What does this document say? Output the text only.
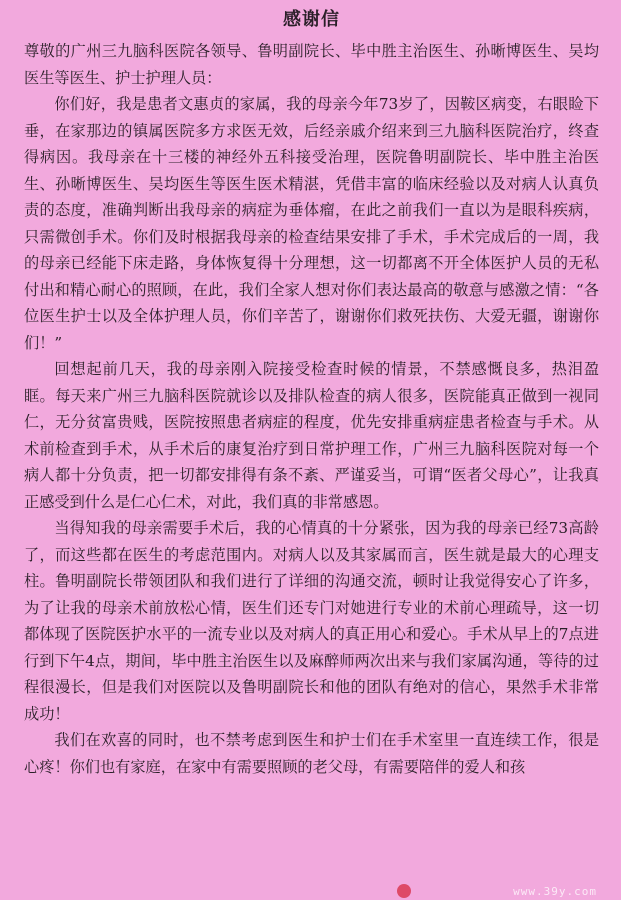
感谢信

尊敬的广州三九脑科医院各领导、鲁明副院长、毕中胜主治医生、孙晰博医生、吴均医生等医生、护士护理人员：

你们好，我是患者文惠贞的家属，我的母亲今年73岁了，因鞍区病变，右眼睑下垂，在家那边的镇属医院多方求医无效，后经亲戚介绍来到三九脑科医院治疗，终查得病因。我母亲在十三楼的神经外五科接受治理，医院鲁明副院长、毕中胜主治医生、孙晰博医生、吴均医生等医生医术精湛，凭借丰富的临床经验以及对病人认真负责的态度，准确判断出我母亲的病症为垂体瘤，在此之前我们一直以为是眼科疾病，只需微创手术。你们及时根据我母亲的检查结果安排了手术，手术完成后的一周，我的母亲已经能下床走路，身体恢复得十分理想，这一切都离不开全体医护人员的无私付出和精心耐心的照顾，在此，我们全家人想对你们表达最高的敬意与感激之情：“各位医生护士以及全体护理人员，你们辛苦了，谢谢你们救死扶伤、大爱无疆，谢谢你们！”

回想起前几天，我的母亲刚入院接受检查时候的情景，不禁感慨良多，热泪盈眶。每天来广州三九脑科医院就诊以及排队检查的病人很多，医院能真正做到一视同仁，无分贫富贵贱，医院按照患者病症的程度，优先安排重病症患者检查与手术。从术前检查到手术，从手术后的康复治疗到日常护理工作，广州三九脑科医院对每一个病人都十分负责，把一切都安排得有条不紊、严谨妥当，可谓“医者父母心”，让我真正感受到什么是仁心仁术，对此，我们真的非常感恩。

当得知我的母亲需要手术后，我的心情真的十分紧张，因为我的母亲已经73高龄了，而这些都在医生的考虑范围内。对病人以及其家属而言，医生就是最大的心理支柱。鲁明副院长带领团队和我们进行了详细的沟通交流，顿时让我觉得安心了许多，为了让我的母亲术前放松心情，医生们还专门对她进行专业的术前心理疏导，这一切都体现了医院医护水平的一流专业以及对病人的真正用心和爱心。手术从早上的7点进行到下午4点，期间，毕中胜主治医生以及麻醉师两次出来与我们家属沟通，等待的过程很漫长，但是我们对医院以及鲁明副院长和他的团队有绝对的信心，果然手术非常成功！

我们在欢喜的同时，也不禁考虑到医生和护士们在手术室里一直连续工作，很是心疼！你们也有家庭，在家中有需要照顾的老父母，有需要陪伴的爱人和孩

www.39y.com
